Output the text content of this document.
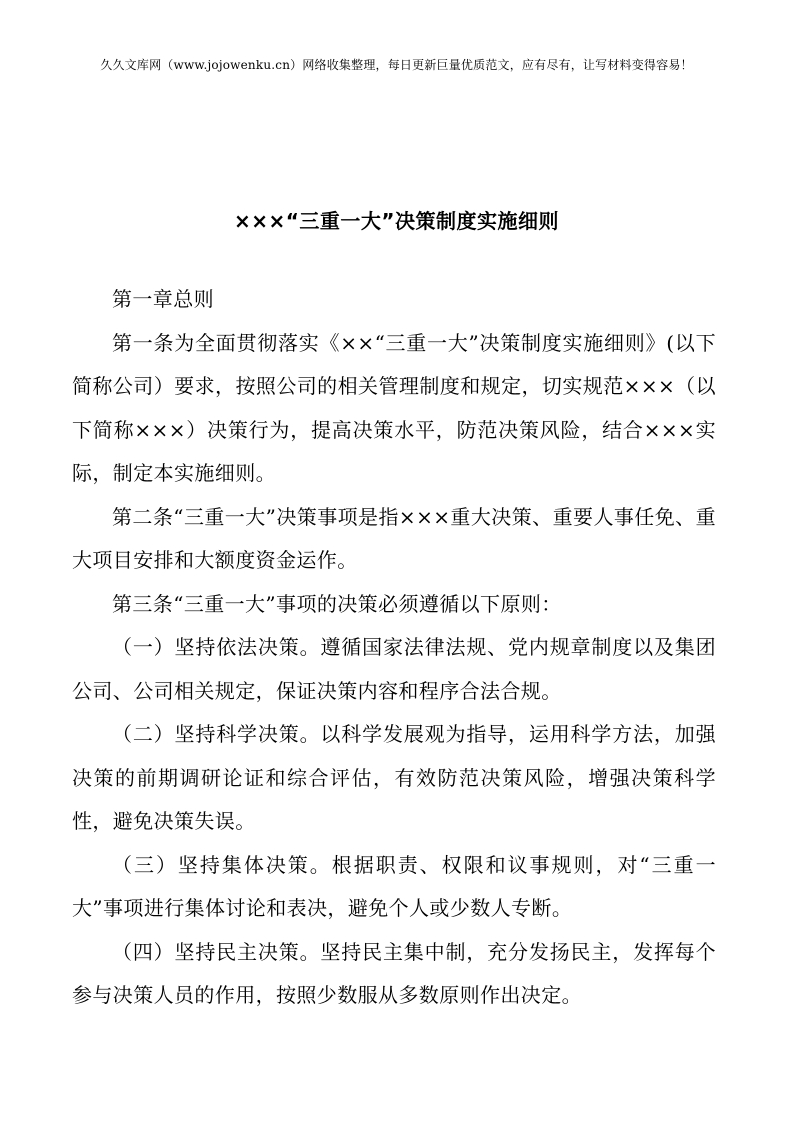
久久文库网（www.jojowenku.cn）网络收集整理，每日更新巨量优质范文，应有尽有，让写材料变得容易！
×××“三重一大”决策制度实施细则

第一章总则

第一条为全面贯彻落实《××“三重一大”决策制度实施细则》(以下简称公司）要求，按照公司的相关管理制度和规定，切实规范×××（以下简称×××）决策行为，提高决策水平，防范决策风险，结合×××实际，制定本实施细则。

第二条“三重一大”决策事项是指×××重大决策、重要人事任免、重大项目安排和大额度资金运作。

第三条“三重一大”事项的决策必须遵循以下原则：

（一）坚持依法决策。遵循国家法律法规、党内规章制度以及集团公司、公司相关规定，保证决策内容和程序合法合规。

（二）坚持科学决策。以科学发展观为指导，运用科学方法，加强决策的前期调研论证和综合评估，有效防范决策风险，增强决策科学性，避免决策失误。

（三）坚持集体决策。根据职责、权限和议事规则，对“三重一大”事项进行集体讨论和表决，避免个人或少数人专断。

（四）坚持民主决策。坚持民主集中制，充分发扬民主，发挥每个参与决策人员的作用，按照少数服从多数原则作出决定。
